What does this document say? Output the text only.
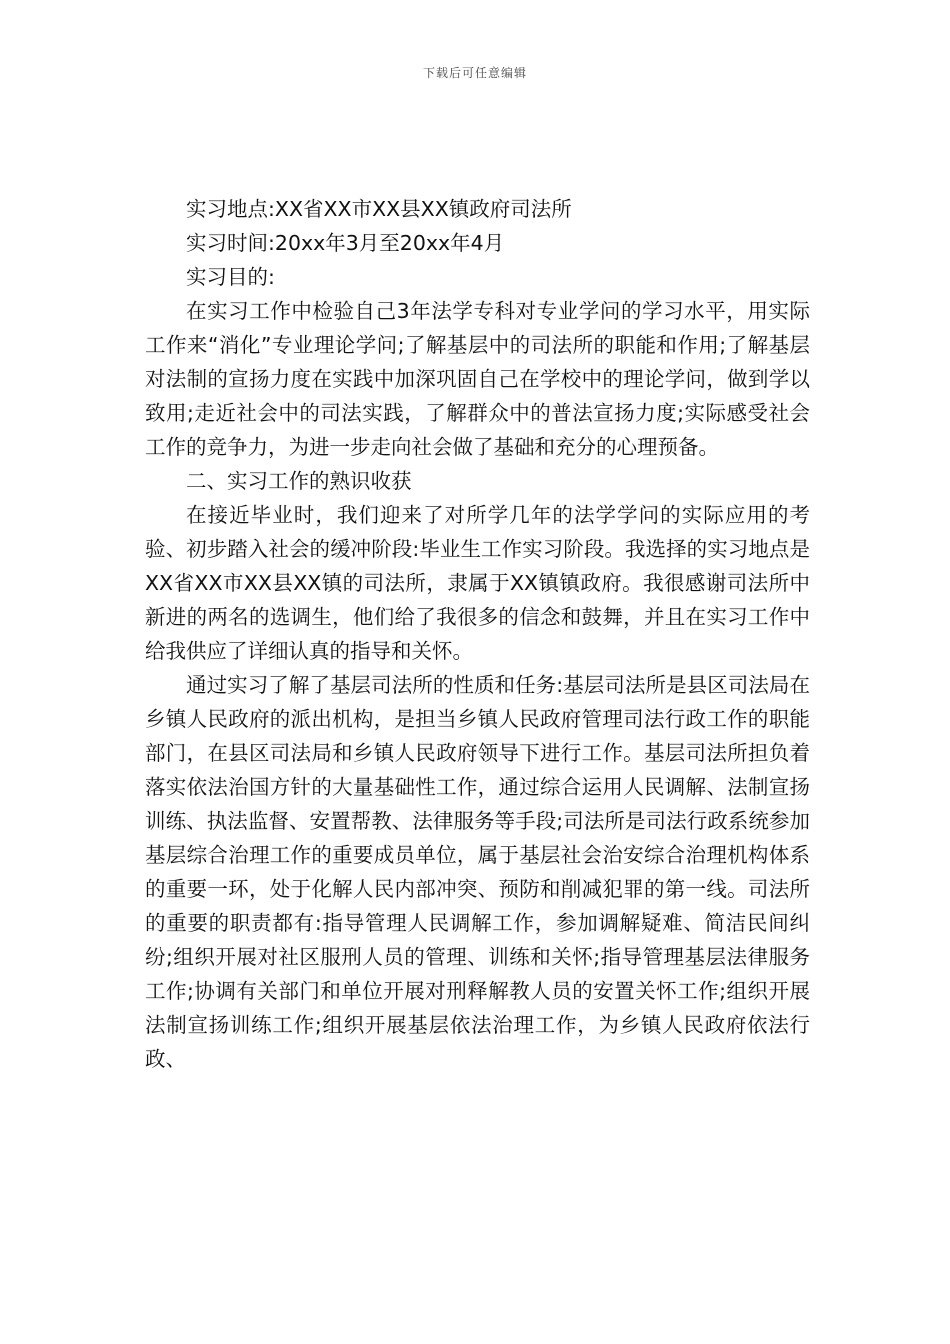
下载后可任意编辑

实习地点:XX省XX市XX县XX镇政府司法所

实习时间:20xx年3月至20xx年4月

实习目的:

在实习工作中检验自己3年法学专科对专业学问的学习水平，用实际工作来“消化”专业理论学问;了解基层中的司法所的职能和作用;了解基层对法制的宣扬力度在实践中加深巩固自己在学校中的理论学问，做到学以致用;走近社会中的司法实践，了解群众中的普法宣扬力度;实际感受社会工作的竞争力，为进一步走向社会做了基础和充分的心理预备。

二、实习工作的熟识收获

在接近毕业时，我们迎来了对所学几年的法学学问的实际应用的考验、初步踏入社会的缓冲阶段:毕业生工作实习阶段。我选择的实习地点是XX省XX市XX县XX镇的司法所，隶属于XX镇镇政府。我很感谢司法所中新进的两名的选调生，他们给了我很多的信念和鼓舞，并且在实习工作中给我供应了详细认真的指导和关怀。

通过实习了解了基层司法所的性质和任务:基层司法所是县区司法局在乡镇人民政府的派出机构，是担当乡镇人民政府管理司法行政工作的职能部门，在县区司法局和乡镇人民政府领导下进行工作。基层司法所担负着落实依法治国方针的大量基础性工作，通过综合运用人民调解、法制宣扬训练、执法监督、安置帮教、法律服务等手段;司法所是司法行政系统参加基层综合治理工作的重要成员单位，属于基层社会治安综合治理机构体系的重要一环，处于化解人民内部冲突、预防和削减犯罪的第一线。司法所的重要的职责都有:指导管理人民调解工作，参加调解疑难、简洁民间纠纷;组织开展对社区服刑人员的管理、训练和关怀;指导管理基层法律服务工作;协调有关部门和单位开展对刑释解教人员的安置关怀工作;组织开展法制宣扬训练工作;组织开展基层依法治理工作，为乡镇人民政府依法行政、
